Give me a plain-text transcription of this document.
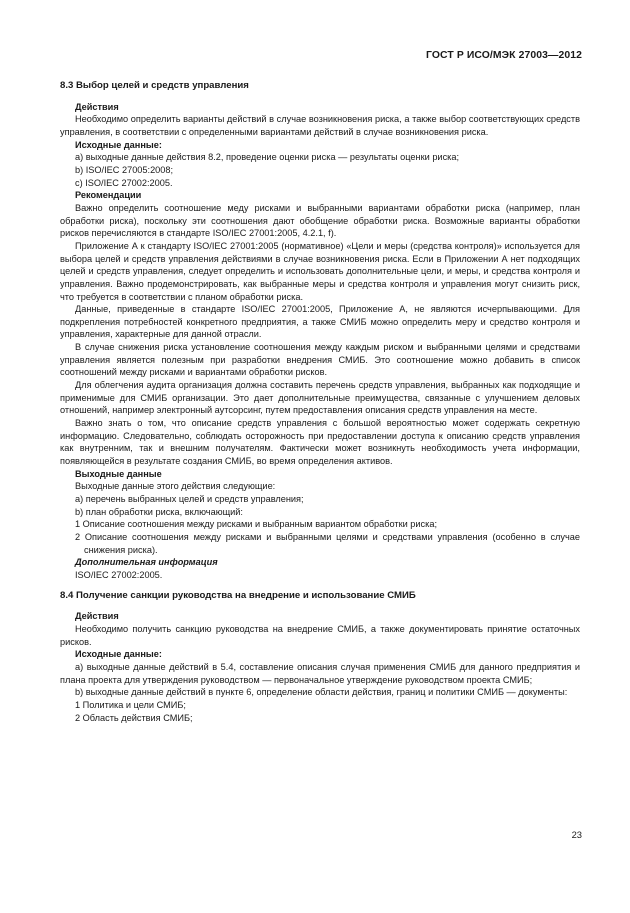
ГОСТ Р ИСО/МЭК 27003—2012

8.3 Выбор целей и средств управления

Действия

Необходимо определить варианты действий в случае возникновения риска, а также выбор соответствующих средств управления, в соответствии с определенными вариантами действий в случае возникновения риска.

Исходные данные:

а) выходные данные действия 8.2, проведение оценки риска — результаты оценки риска;

b) ISO/IEC 27005:2008;

c) ISO/IEC 27002:2005.

Рекомендации

Важно определить соотношение меду рисками и выбранными вариантами обработки риска (например, план обработки риска), поскольку эти соотношения дают обобщение обработки риска. Возможные варианты обработки рисков перечисляются в стандарте ISO/IEC 27001:2005, 4.2.1, f).

Приложение А к стандарту ISO/IEC 27001:2005 (нормативное) «Цели и меры (средства контроля)» используется для выбора целей и средств управления действиями в случае возникновения риска. Если в Приложении А нет подходящих целей и средств управления, следует определить и использовать дополнительные цели, и меры, и средства контроля и управления. Важно продемонстрировать, как выбранные меры и средства контроля и управления могут снизить риск, что требуется в соответствии с планом обработки риска.

Данные, приведенные в стандарте ISO/IEC 27001:2005, Приложение А, не являются исчерпывающими. Для подкрепления потребностей конкретного предприятия, а также СМИБ можно определить меру и средство контроля и управления, характерные для данной отрасли.

В случае снижения риска установление соотношения между каждым риском и выбранными целями и средствами управления является полезным при разработки внедрения СМИБ. Это соотношение можно добавить в список соотношений между рисками и вариантами обработки рисков.

Для облегчения аудита организация должна составить перечень средств управления, выбранных как подходящие и применимые для СМИБ организации. Это дает дополнительные преимущества, связанные с улучшением деловых отношений, например электронный аутсорсинг, путем предоставления описания средств управления на месте.

Важно знать о том, что описание средств управления с большой вероятностью может содержать секретную информацию. Следовательно, соблюдать осторожность при предоставлении доступа к описанию средств управления как внутренним, так и внешним получателям. Фактически может возникнуть необходимость учета информации, появляющейся в результате создания СМИБ, во время определения активов.

Выходные данные

Выходные данные этого действия следующие:

а) перечень выбранных целей и средств управления;

b) план обработки риска, включающий:

1 Описание соотношения между рисками и выбранным вариантом обработки риска;

2 Описание соотношения между рисками и выбранными целями и средствами управления (особенно в случае снижения риска).

Дополнительная информация

ISO/IEC 27002:2005.

8.4 Получение санкции руководства на внедрение и использование СМИБ

Действия

Необходимо получить санкцию руководства на внедрение СМИБ, а также документировать принятие остаточных рисков.

Исходные данные:

а) выходные данные действий в 5.4, составление описания случая применения СМИБ для данного предприятия и плана проекта для утверждения руководством — первоначальное утверждение руководством проекта СМИБ;

b) выходные данные действий в пункте 6, определение области действия, границ и политики СМИБ — документы:

1 Политика и цели СМИБ;

2 Область действия СМИБ;

23
